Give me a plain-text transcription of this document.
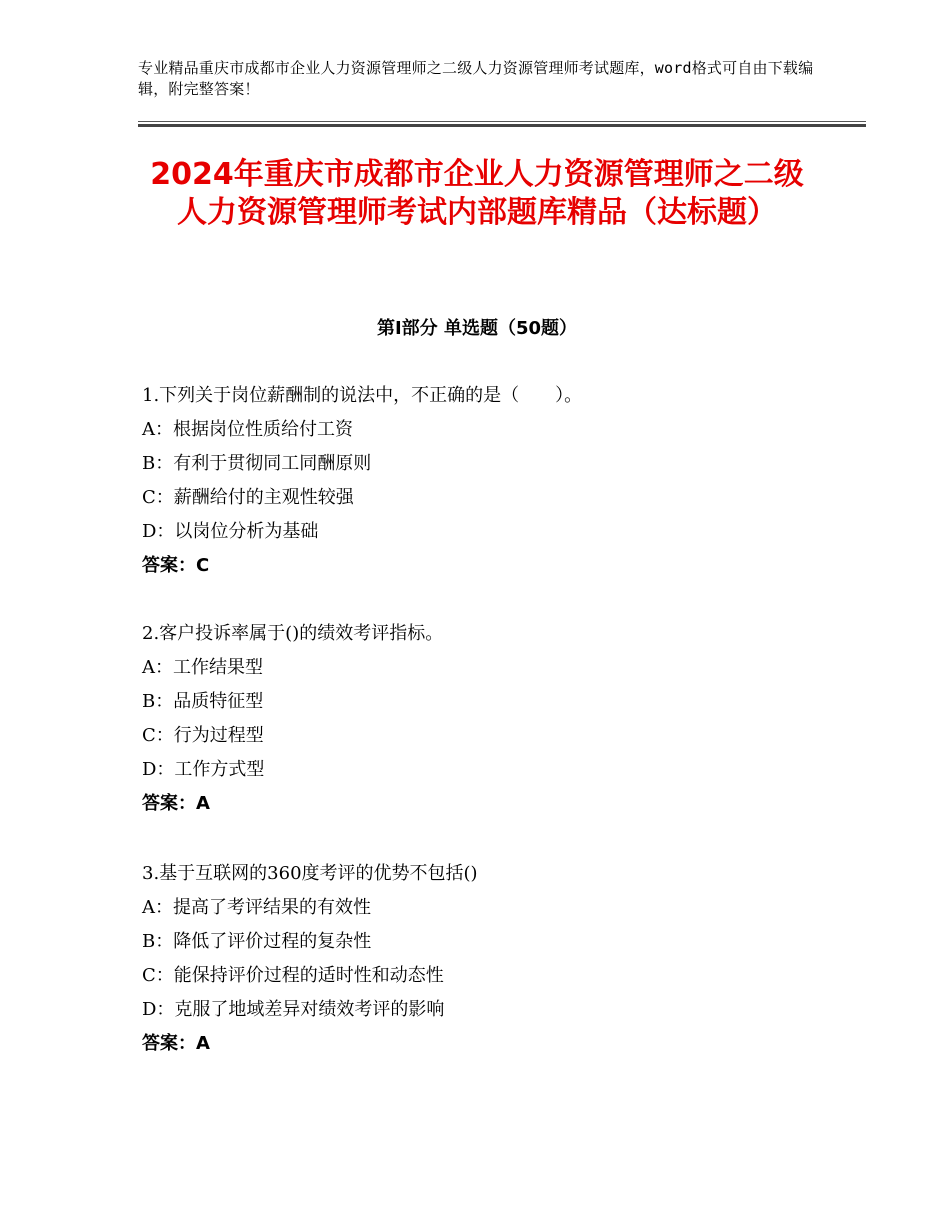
专业精品重庆市成都市企业人力资源管理师之二级人力资源管理师考试题库，word格式可自由下载编辑，附完整答案！
2024年重庆市成都市企业人力资源管理师之二级人力资源管理师考试内部题库精品（达标题）
第Ⅰ部分 单选题（50题）
1.下列关于岗位薪酬制的说法中，不正确的是（　　）。
A：根据岗位性质给付工资
B：有利于贯彻同工同酬原则
C：薪酬给付的主观性较强
D：以岗位分析为基础
答案：C
2.客户投诉率属于()的绩效考评指标。
A：工作结果型
B：品质特征型
C：行为过程型
D：工作方式型
答案：A
3.基于互联网的360度考评的优势不包括()
A：提高了考评结果的有效性
B：降低了评价过程的复杂性
C：能保持评价过程的适时性和动态性
D：克服了地域差异对绩效考评的影响
答案：A
